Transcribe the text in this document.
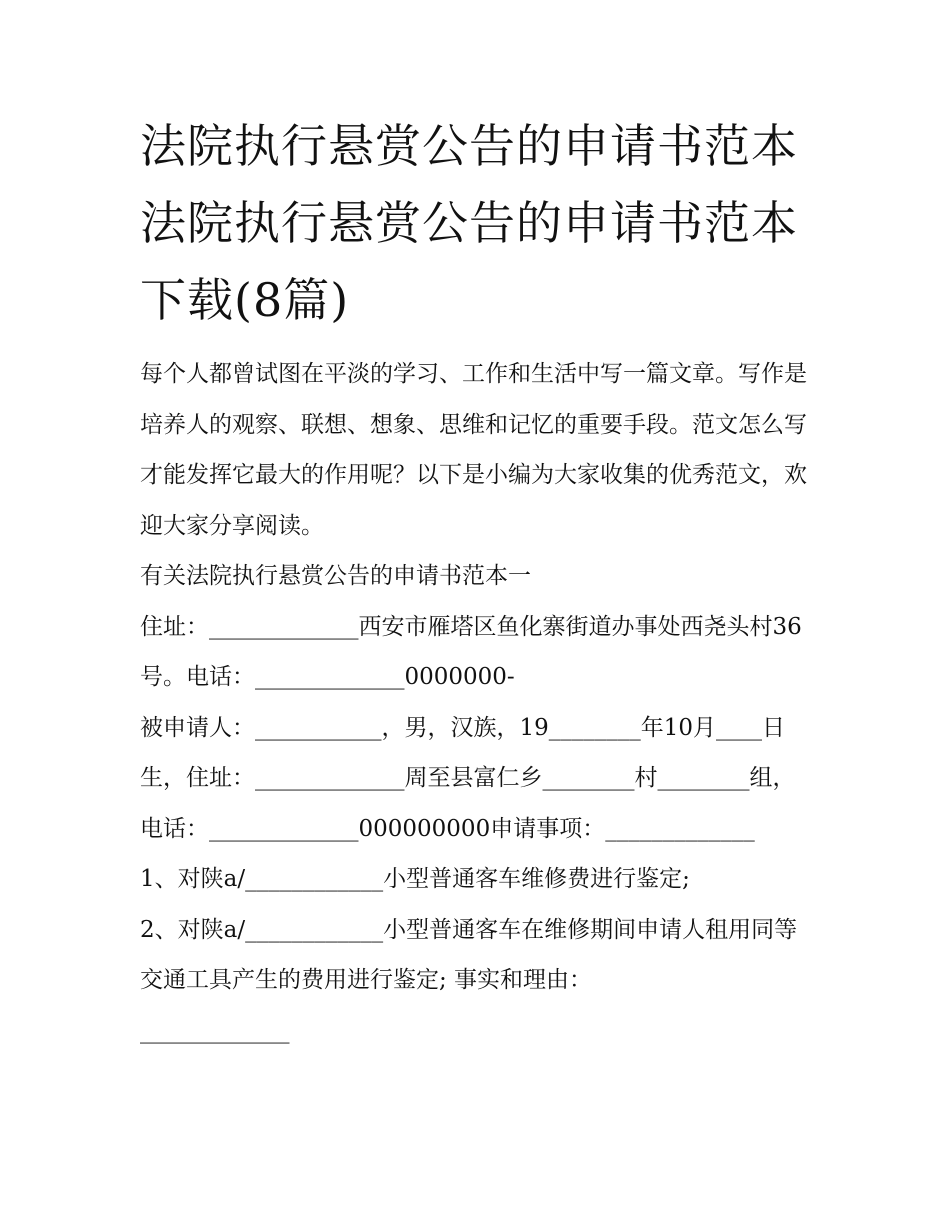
法院执行悬赏公告的申请书范本 法院执行悬赏公告的申请书范本下载(8篇)

每个人都曾试图在平淡的学习、工作和生活中写一篇文章。写作是培养人的观察、联想、想象、思维和记忆的重要手段。范文怎么写才能发挥它最大的作用呢？以下是小编为大家收集的优秀范文，欢迎大家分享阅读。

有关法院执行悬赏公告的申请书范本一

住址：_____________西安市雁塔区鱼化寨街道办事处西尧头村36号。电话：_____________0000000-

被申请人：___________，男，汉族，19________年10月____日生，住址：_____________周至县富仁乡________村________组，

电话：_____________000000000申请事项：_____________

1、对陕a/____________小型普通客车维修费进行鉴定;

2、对陕a/____________小型普通客车在维修期间申请人租用同等交通工具产生的费用进行鉴定; 事实和理由：

_____________
